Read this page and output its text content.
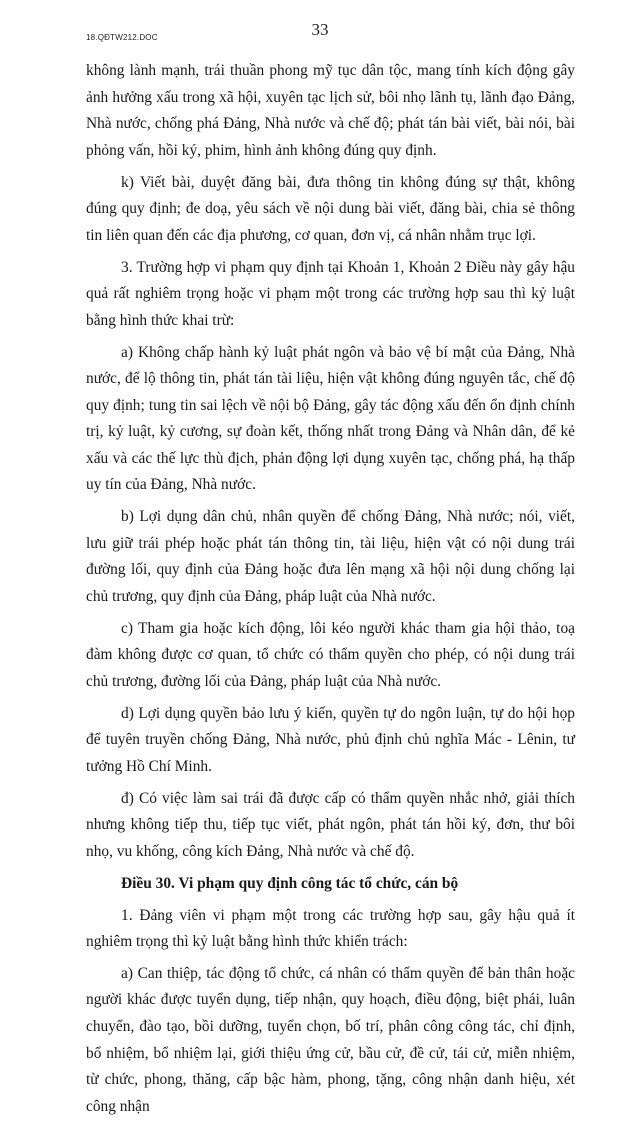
18.QĐTW212.DOC	33

không lành mạnh, trái thuần phong mỹ tục dân tộc, mang tính kích động gây ảnh hưởng xấu trong xã hội, xuyên tạc lịch sử, bôi nhọ lãnh tụ, lãnh đạo Đảng, Nhà nước, chống phá Đảng, Nhà nước và chế độ; phát tán bài viết, bài nói, bài phỏng vấn, hồi ký, phim, hình ảnh không đúng quy định.

k) Viết bài, duyệt đăng bài, đưa thông tin không đúng sự thật, không đúng quy định; đe doạ, yêu sách về nội dung bài viết, đăng bài, chia sẻ thông tin liên quan đến các địa phương, cơ quan, đơn vị, cá nhân nhằm trục lợi.

3. Trường hợp vi phạm quy định tại Khoản 1, Khoản 2 Điều này gây hậu quả rất nghiêm trọng hoặc vi phạm một trong các trường hợp sau thì kỷ luật bằng hình thức khai trừ:

a) Không chấp hành kỷ luật phát ngôn và bảo vệ bí mật của Đảng, Nhà nước, để lộ thông tin, phát tán tài liệu, hiện vật không đúng nguyên tắc, chế độ quy định; tung tin sai lệch về nội bộ Đảng, gây tác động xấu đến ổn định chính trị, kỷ luật, kỷ cương, sự đoàn kết, thống nhất trong Đảng và Nhân dân, để kẻ xấu và các thế lực thù địch, phản động lợi dụng xuyên tạc, chống phá, hạ thấp uy tín của Đảng, Nhà nước.

b) Lợi dụng dân chủ, nhân quyền để chống Đảng, Nhà nước; nói, viết, lưu giữ trái phép hoặc phát tán thông tin, tài liệu, hiện vật có nội dung trái đường lối, quy định của Đảng hoặc đưa lên mạng xã hội nội dung chống lại chủ trương, quy định của Đảng, pháp luật của Nhà nước.

c) Tham gia hoặc kích động, lôi kéo người khác tham gia hội thảo, toạ đàm không được cơ quan, tổ chức có thẩm quyền cho phép, có nội dung trái chủ trương, đường lối của Đảng, pháp luật của Nhà nước.

d) Lợi dụng quyền bảo lưu ý kiến, quyền tự do ngôn luận, tự do hội họp để tuyên truyền chống Đảng, Nhà nước, phủ định chủ nghĩa Mác - Lênin, tư tưởng Hồ Chí Minh.

đ) Có việc làm sai trái đã được cấp có thẩm quyền nhắc nhở, giải thích nhưng không tiếp thu, tiếp tục viết, phát ngôn, phát tán hồi ký, đơn, thư bôi nhọ, vu khống, công kích Đảng, Nhà nước và chế độ.

Điều 30. Vi phạm quy định công tác tổ chức, cán bộ

1. Đảng viên vi phạm một trong các trường hợp sau, gây hậu quả ít nghiêm trọng thì kỷ luật bằng hình thức khiển trách:

a) Can thiệp, tác động tổ chức, cá nhân có thẩm quyền để bản thân hoặc người khác được tuyển dụng, tiếp nhận, quy hoạch, điều động, biệt phái, luân chuyển, đào tạo, bồi dưỡng, tuyển chọn, bố trí, phân công công tác, chỉ định, bổ nhiệm, bổ nhiệm lại, giới thiệu ứng cử, bầu cử, đề cử, tái cử, miễn nhiệm, từ chức, phong, thăng, cấp bậc hàm, phong, tặng, công nhận danh hiệu, xét công nhận
